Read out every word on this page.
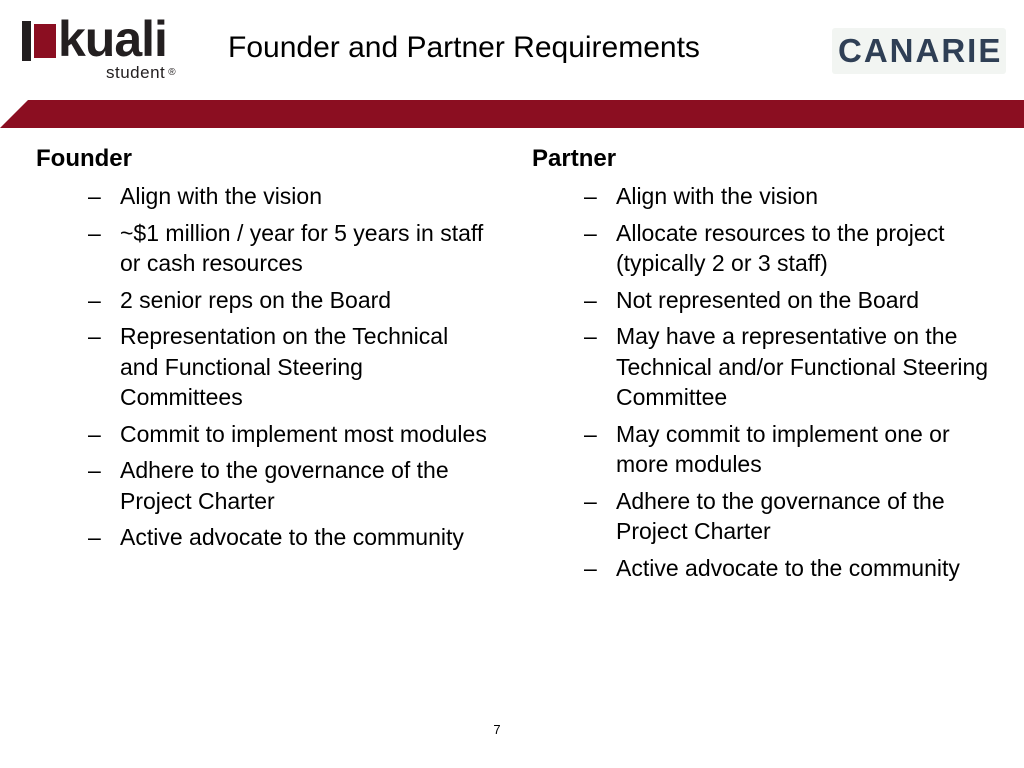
kuali
student ®
Founder and Partner Requirements	CANARIE
Founder
– Align with the vision
– ~$1 million / year for 5 years in staff or cash resources
– 2 senior reps on the Board
– Representation on the Technical and Functional Steering Committees
– Commit to implement most modules
– Adhere to the governance of the Project Charter
– Active advocate to the community
Partner
– Align with the vision
– Allocate resources to the project (typically 2 or 3 staff)
– Not represented on the Board
– May have a representative on the Technical and/or Functional Steering Committee
– May commit to implement one or more modules
– Adhere to the governance of the Project Charter
– Active advocate to the community
7
